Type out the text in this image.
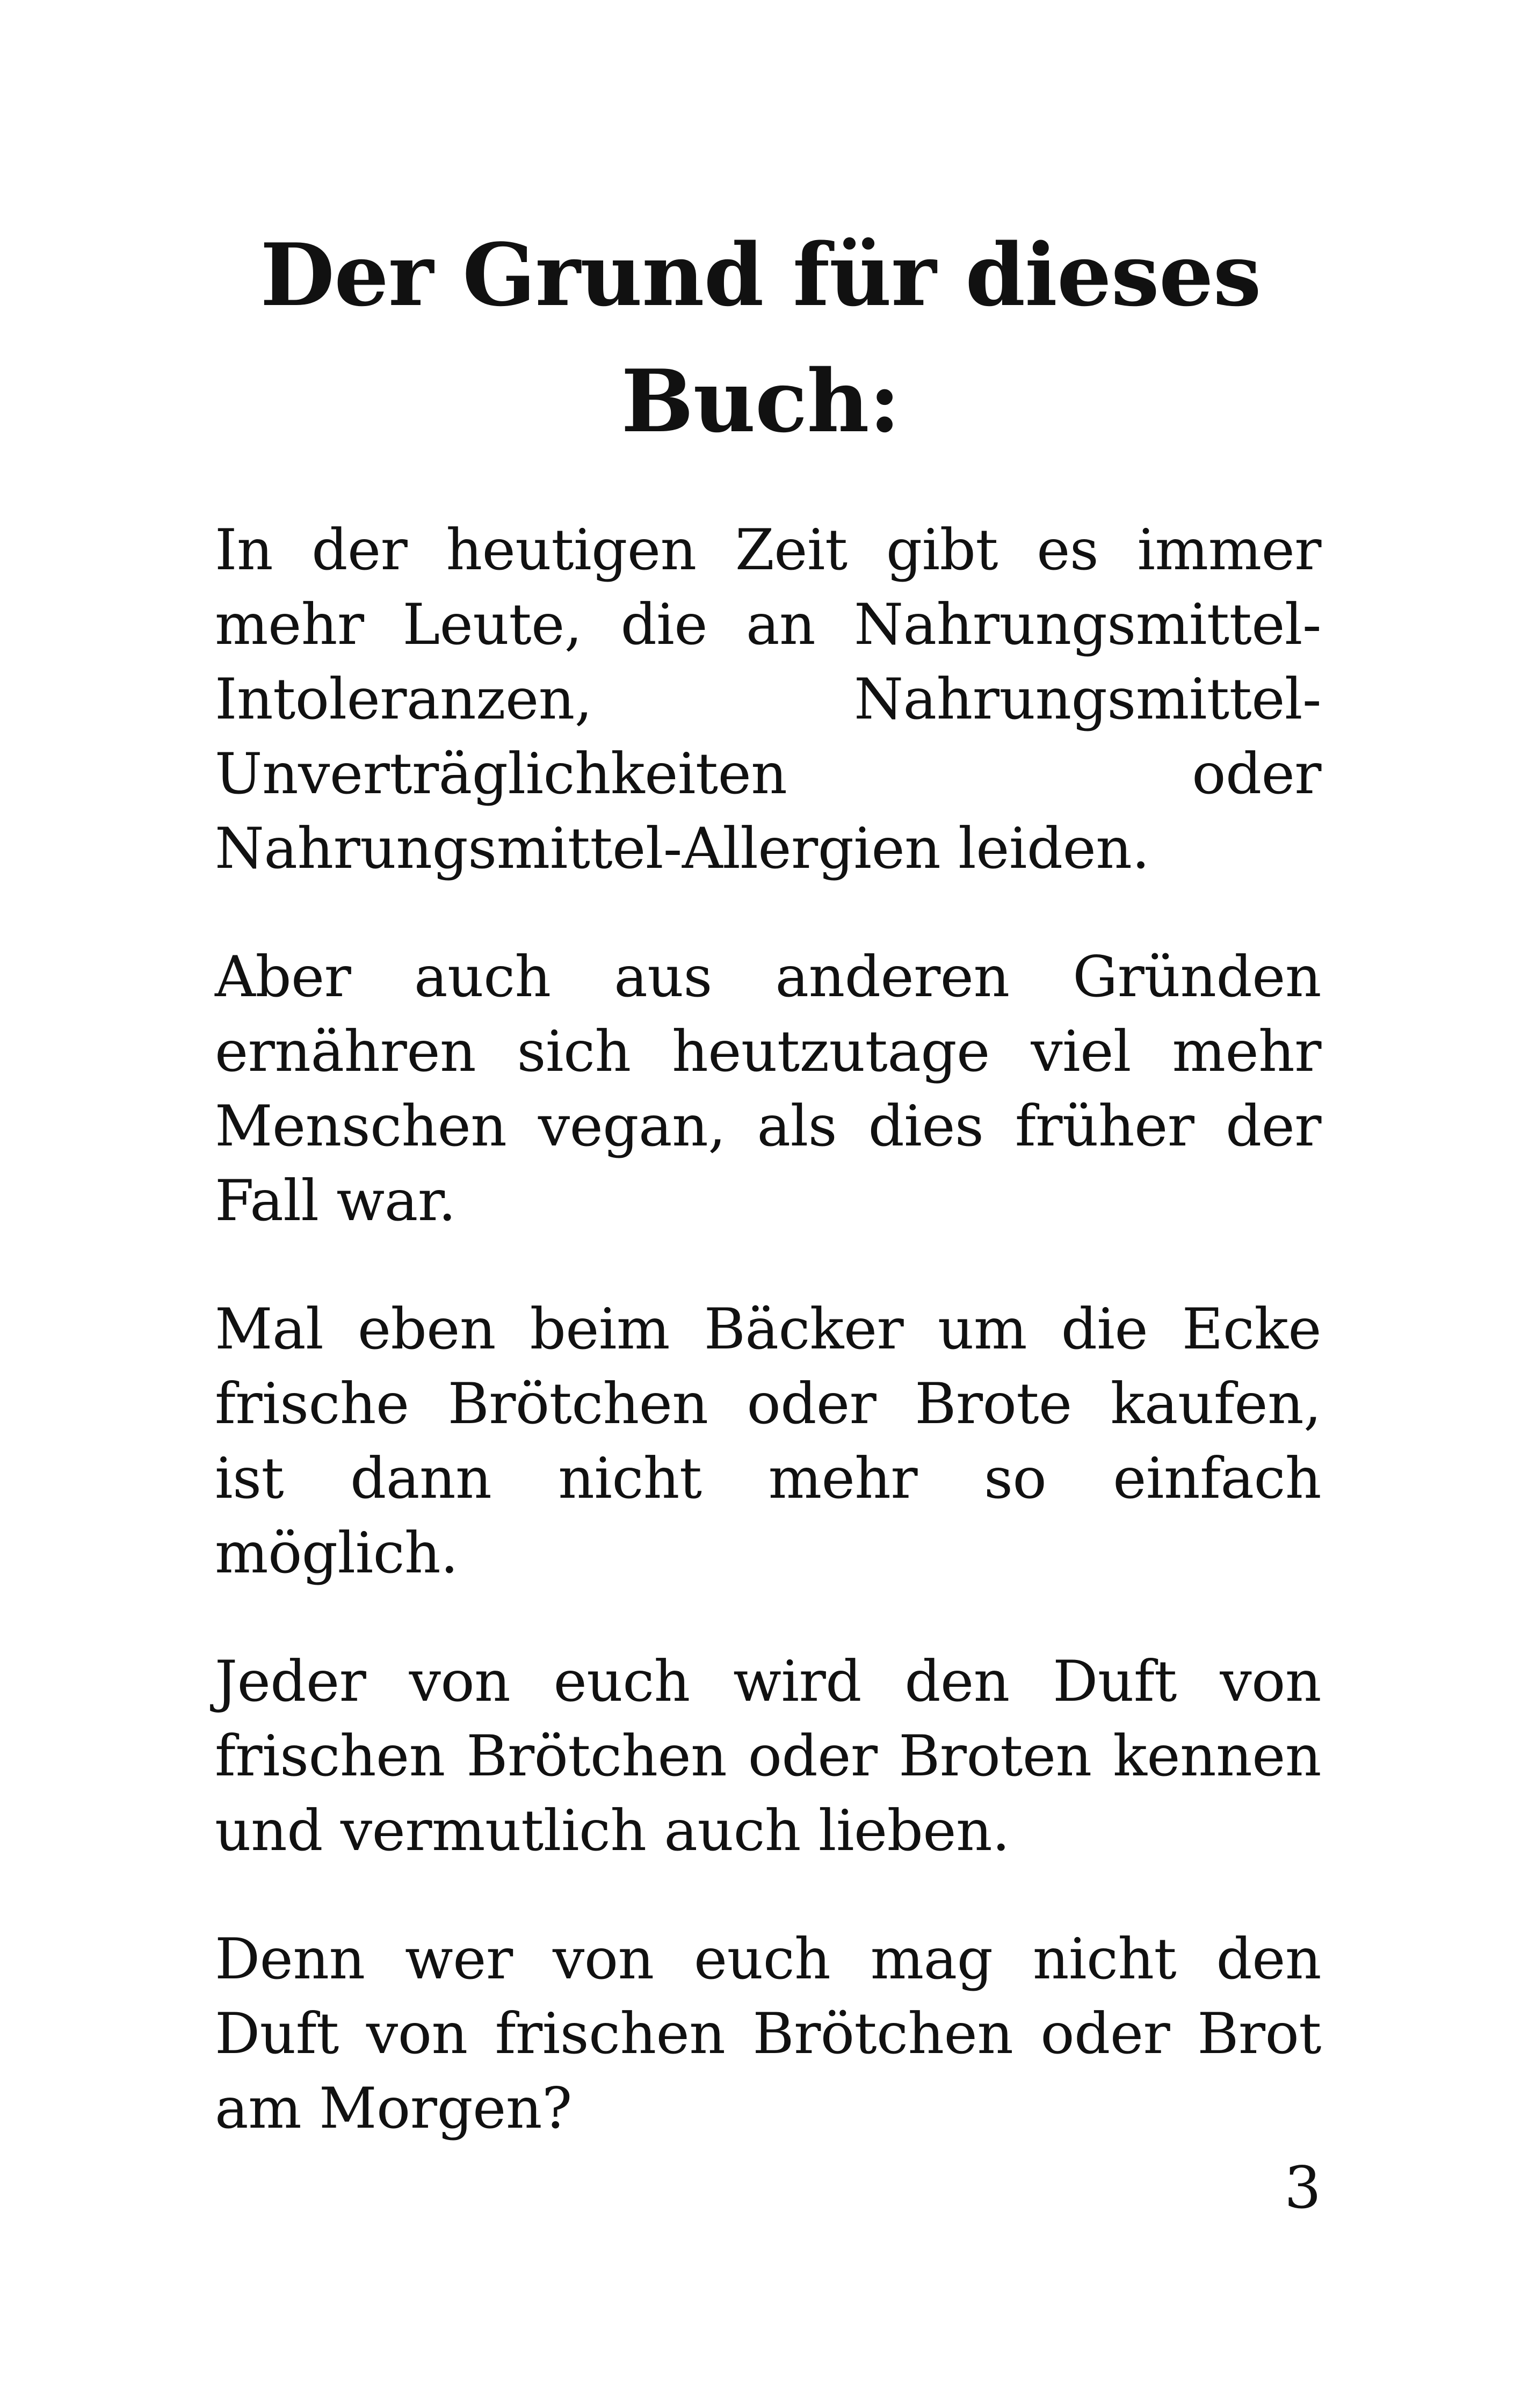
Der Grund für dieses Buch:

In der heutigen Zeit gibt es immer mehr Leute, die an Nahrungsmittel-Intoleranzen, Nahrungsmittel-Unverträglichkeiten oder Nahrungsmittel-Allergien leiden.

Aber auch aus anderen Gründen ernähren sich heutzutage viel mehr Menschen vegan, als dies früher der Fall war.

Mal eben beim Bäcker um die Ecke frische Brötchen oder Brote kaufen, ist dann nicht mehr so einfach möglich.

Jeder von euch wird den Duft von frischen Brötchen oder Broten kennen und vermutlich auch lieben.

Denn wer von euch mag nicht den Duft von frischen Brötchen oder Brot am Morgen?

3
